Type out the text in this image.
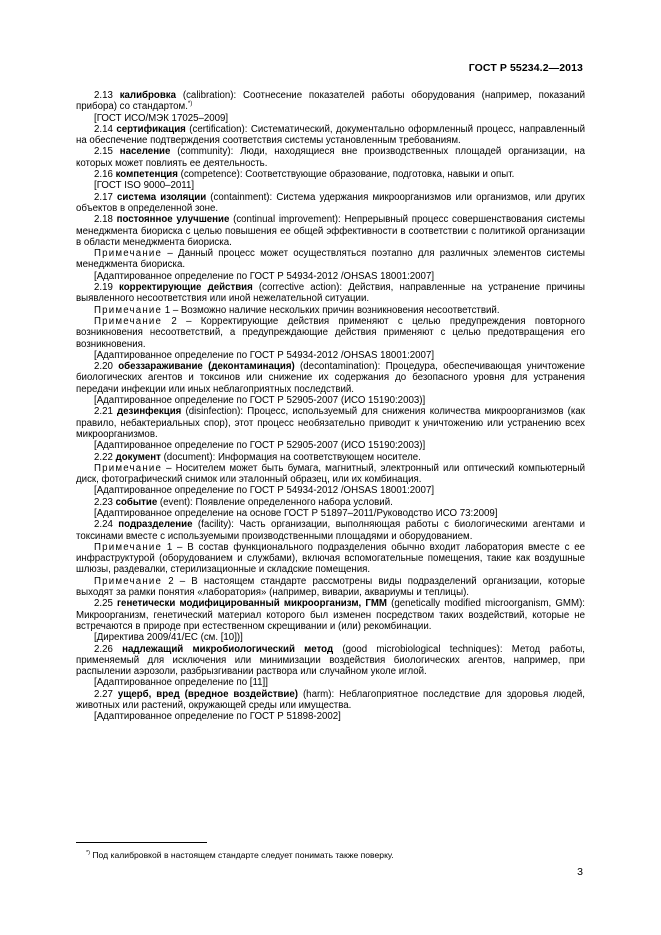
ГОСТ Р 55234.2—2013

2.13 калибровка (calibration): Соотнесение показателей работы оборудования (например, показаний прибора) со стандартом.*)

[ГОСТ ИСО/МЭК 17025–2009]

2.14 сертификация (certification): Систематический, документально оформленный процесс, направленный на обеспечение подтверждения соответствия системы установленным требованиям.

2.15 население (community): Люди, находящиеся вне производственных площадей организации, на которых может повлиять ее деятельность.

2.16 компетенция (competence): Соответствующие образование, подготовка, навыки и опыт.

[ГОСТ ISO 9000–2011]

2.17 система изоляции (containment): Система удержания микроорганизмов или организмов, или других объектов в определенной зоне.

2.18 постоянное улучшение (continual improvement): Непрерывный процесс совершенствования системы менеджмента биориска с целью повышения ее общей эффективности в соответствии с политикой организации в области менеджмента биориска.

Примечание – Данный процесс может осуществляться поэтапно для различных элементов системы менеджмента биориска.

[Адаптированное определение по ГОСТ Р 54934-2012 /OHSAS 18001:2007]

2.19 корректирующие действия (corrective action): Действия, направленные на устранение причины выявленного несоответствия или иной нежелательной ситуации.

Примечание 1 – Возможно наличие нескольких причин возникновения несоответствий.

Примечание 2 – Корректирующие действия применяют с целью предупреждения повторного возникновения несоответствий, а предупреждающие действия применяют с целью предотвращения его возникновения.

[Адаптированное определение по ГОСТ Р 54934-2012 /OHSAS 18001:2007]

2.20 обеззараживание (деконтаминация) (decontamination): Процедура, обеспечивающая уничтожение биологических агентов и токсинов или снижение их содержания до безопасного уровня для устранения передачи инфекции или иных неблагоприятных последствий.

[Адаптированное определение по ГОСТ Р 52905-2007 (ИСО 15190:2003)]

2.21 дезинфекция (disinfection): Процесс, используемый для снижения количества микроорганизмов (как правило, небактериальных спор), этот процесс необязательно приводит к уничтожению или устранению всех микроорганизмов.

[Адаптированное определение по ГОСТ Р 52905-2007 (ИСО 15190:2003)]

2.22 документ (document): Информация на соответствующем носителе.

Примечание – Носителем может быть бумага, магнитный, электронный или оптический компьютерный диск, фотографический снимок или эталонный образец, или их комбинация.

[Адаптированное определение по ГОСТ Р 54934-2012 /OHSAS 18001:2007]

2.23 событие (event): Появление определенного набора условий.

[Адаптированное определение на основе ГОСТ Р 51897–2011/Руководство ИСО 73:2009]

2.24 подразделение (facility): Часть организации, выполняющая работы с биологическими агентами и токсинами вместе с используемыми производственными площадями и оборудованием.

Примечание 1 – В состав функционального подразделения обычно входит лаборатория вместе с ее инфраструктурой (оборудованием и службами), включая вспомогательные помещения, такие как воздушные шлюзы, раздевалки, стерилизационные и складские помещения.

Примечание 2 – В настоящем стандарте рассмотрены виды подразделений организации, которые выходят за рамки понятия «лаборатория» (например, виварии, аквариумы и теплицы).

2.25 генетически модифицированный микроорганизм, ГММ (genetically modified microorganism, GMM): Микроорганизм, генетический материал которого был изменен посредством таких воздействий, которые не встречаются в природе при естественном скрещивании и (или) рекомбинации.

[Директива 2009/41/EC (см. [10])]

2.26 надлежащий микробиологический метод (good microbiological techniques): Метод работы, применяемый для исключения или минимизации воздействия биологических агентов, например, при распылении аэрозоли, разбрызгивании раствора или случайном уколе иглой.

[Адаптированное определение по [11]]

2.27 ущерб, вред (вредное воздействие) (harm): Неблагоприятное последствие для здоровья людей, животных или растений, окружающей среды или имущества.

[Адаптированное определение по ГОСТ Р 51898-2002]

*) Под калибровкой в настоящем стандарте следует понимать также поверку.
3
